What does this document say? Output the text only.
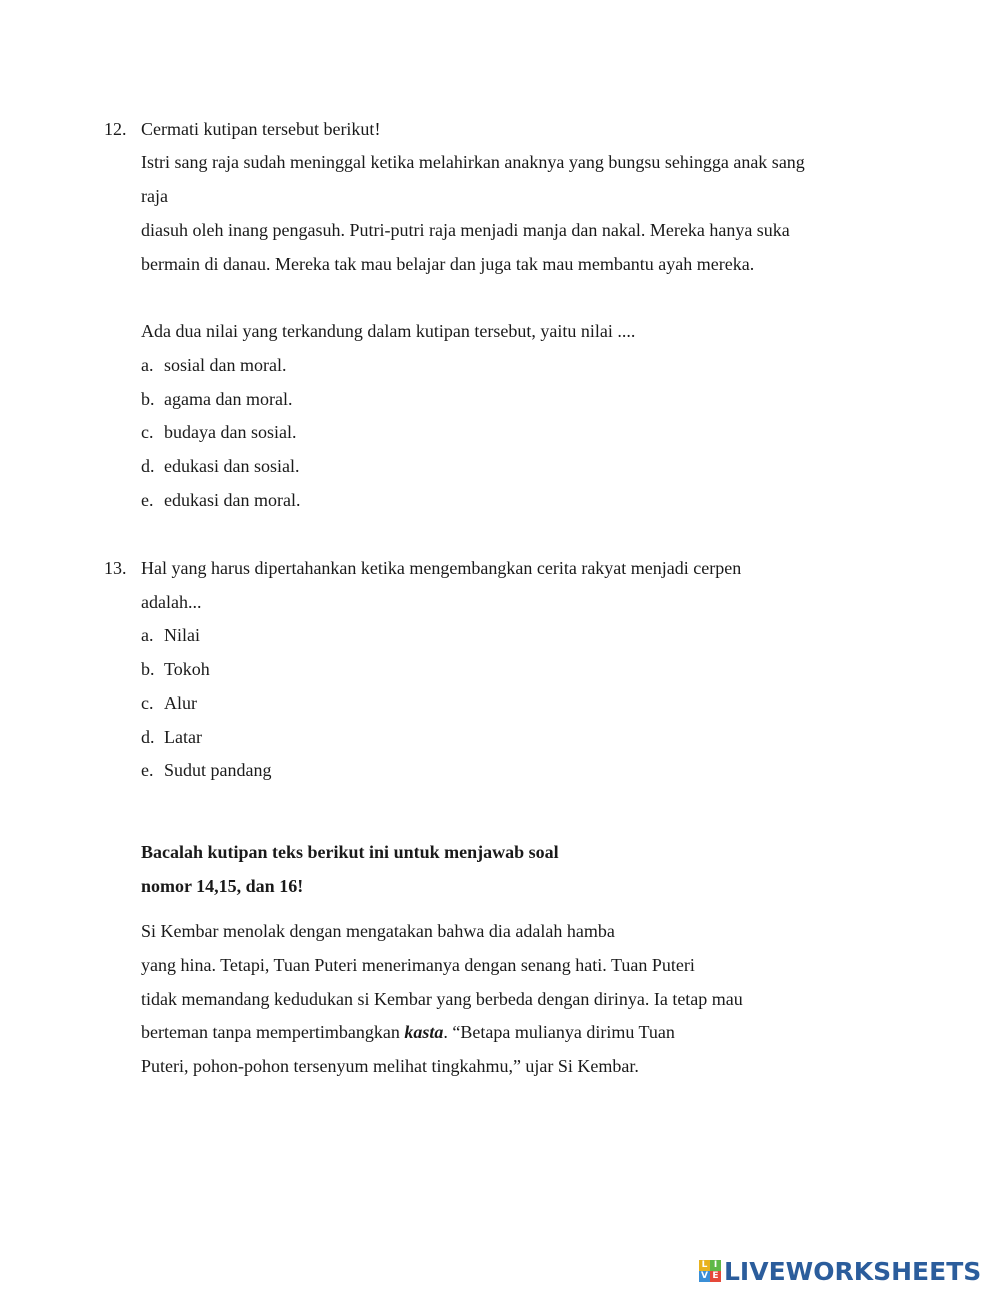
12. Cermati kutipan tersebut berikut!
Istri sang raja sudah meninggal ketika melahirkan anaknya yang bungsu sehingga anak sang
raja
diasuh oleh inang pengasuh. Putri-putri raja menjadi manja dan nakal. Mereka hanya suka
bermain di danau. Mereka tak mau belajar dan juga tak mau membantu ayah mereka.
Ada dua nilai yang terkandung dalam kutipan tersebut, yaitu nilai ....
a. sosial dan moral.
b. agama dan moral.
c. budaya dan sosial.
d. edukasi dan sosial.
e. edukasi dan moral.
13. Hal yang harus dipertahankan ketika mengembangkan cerita rakyat menjadi cerpen
adalah...
a. Nilai
b. Tokoh
c. Alur
d. Latar
e. Sudut pandang
Bacalah kutipan teks berikut ini untuk menjawab soal
nomor 14,15, dan 16!
Si Kembar menolak dengan mengatakan bahwa dia adalah hamba
yang hina. Tetapi, Tuan Puteri menerimanya dengan senang hati. Tuan Puteri
tidak memandang kedudukan si Kembar yang berbeda dengan dirinya. Ia tetap mau
berteman tanpa mempertimbangkan kasta. “Betapa mulianya dirimu Tuan
Puteri, pohon-pohon tersenyum melihat tingkahmu,” ujar Si Kembar.
L I
V E LIVEWORKSHEETS
